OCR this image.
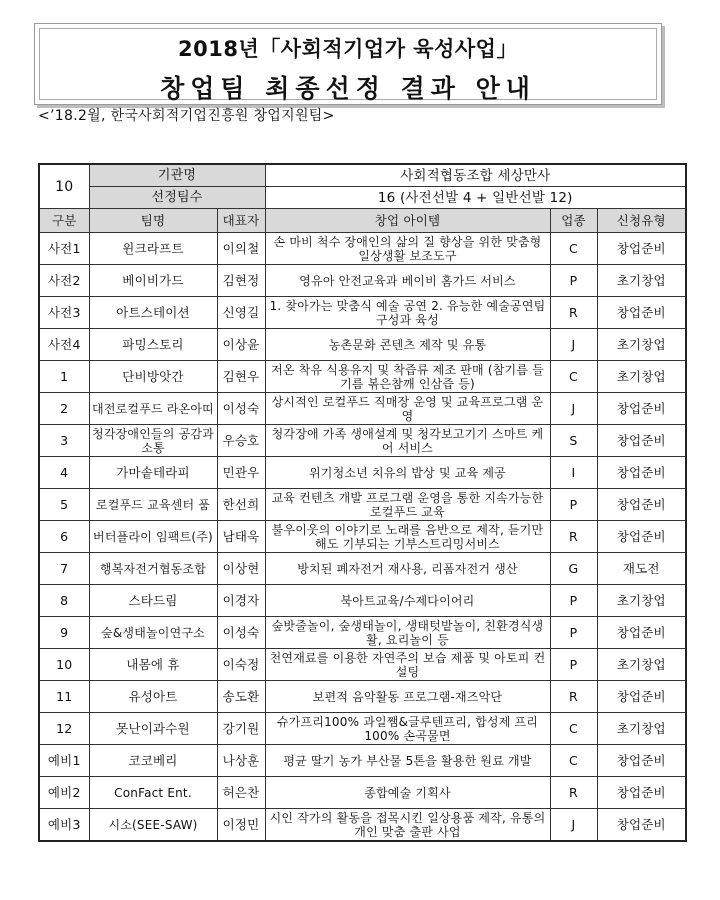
2018년「사회적기업가 육성사업」
창업팀 최종선정 결과 안내
<’18.2월, 한국사회적기업진흥원 창업지원팀>
10	기관명		사회적협동조합 세상만사		
	선정팀수		16 (사전선발 4 + 일반선발 12)		
구분	팀명	대표자	창업 아이템	업종	신청유형
사전1	윈크라프트	이의철	손 마비 척수 장애인의 삶의 질 향상을 위한 맞춤형 일상생활 보조도구	C	창업준비
사전2	베이비가드	김현정	영유아 안전교육과 베이비 홈가드 서비스	P	초기창업
사전3	아트스테이션	신영길	1. 찾아가는 맞춤식 예술 공연 2. 유능한 예술공연팀 구성과 육성	R	창업준비
사전4	파밍스토리	이상윤	농촌문화 콘텐츠 제작 및 유통	J	초기창업
1	단비방앗간	김현우	저온 착유 식용유지 및 착즙류 제조 판매 (참기름 들기름 볶은참깨 인삼즙 등)	C	초기창업
2	대전로컬푸드 라온아띠	이성숙	상시적인 로컬푸드 직매장 운영 및 교육프로그램 운영	J	창업준비
3	청각장애인들의 공감과 소통	우승호	청각장애 가족 생애설계 및 청각보고기기 스마트 케어 서비스	S	창업준비
4	가마솥테라피	민관우	위기청소년 치유의 밥상 및 교육 제공	I	창업준비
5	로컬푸드 교육센터 품	한선희	교육 컨텐츠 개발 프로그램 운영을 통한 지속가능한 로컬푸드 교육	P	창업준비
6	버터플라이 임팩트(주)	남태욱	불우이웃의 이야기로 노래를 음반으로 제작, 듣기만 해도 기부되는 기부스트리밍서비스	R	창업준비
7	행복자전거협동조합	이상현	방치된 폐자전거 재사용, 리폼자전거 생산	G	재도전
8	스타드림	이경자	북아트교육/수제다이어리	P	초기창업
9	숲&생태놀이연구소	이성숙	숲밧줄놀이, 숲생태놀이, 생태텃밭놀이, 친환경식생활, 요리놀이 등	P	창업준비
10	내몸에 휴	이숙정	천연재료를 이용한 자연주의 보습 제품 및 아토피 컨설팅	P	초기창업
11	유성아트	송도환	보편적 음악활동 프로그램-재즈악단	R	창업준비
12	못난이과수원	강기원	슈가프리100% 과일쨈&글루텐프리, 합성제 프리100% 손곡물면	C	초기창업
예비1	코코베리	나상훈	평균 딸기 농가 부산물 5톤을 활용한 원료 개발	C	창업준비
예비2	ConFact Ent.	허은찬	종합예술 기획사	R	창업준비
예비3	시소(SEE-SAW)	이정민	시인 작가의 활동을 접목시킨 일상용품 제작, 유통의 개인 맞춤 출판 사업	J	창업준비
